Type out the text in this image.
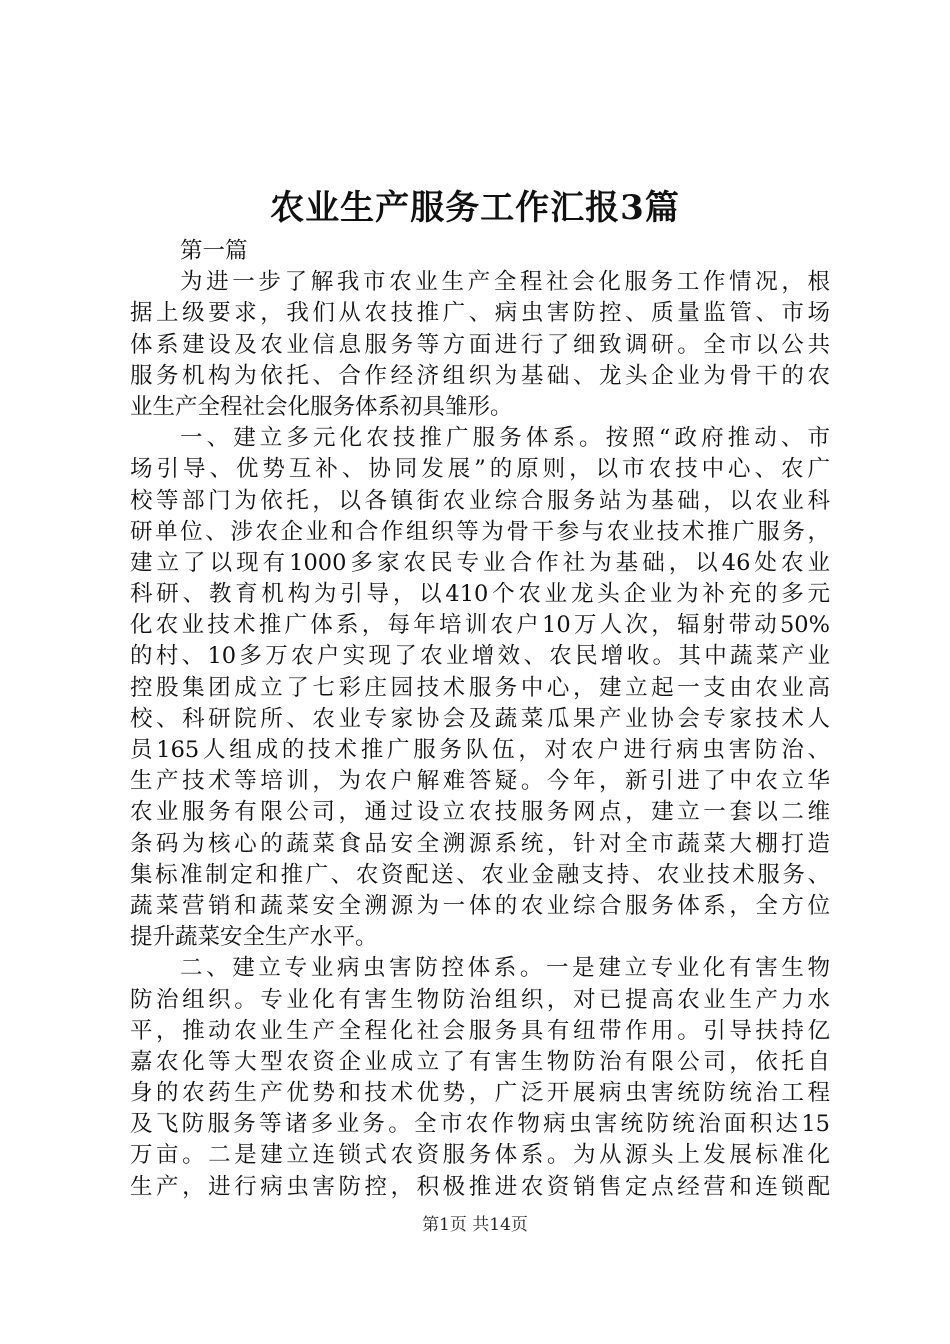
农业生产服务工作汇报3篇
第一篇
为进一步了解我市农业生产全程社会化服务工作情况，根
据上级要求，我们从农技推广、病虫害防控、质量监管、市场
体系建设及农业信息服务等方面进行了细致调研。全市以公共
服务机构为依托、合作经济组织为基础、龙头企业为骨干的农
业生产全程社会化服务体系初具雏形。
一、建立多元化农技推广服务体系。按照“政府推动、市
场引导、优势互补、协同发展”的原则，以市农技中心、农广
校等部门为依托，以各镇街农业综合服务站为基础，以农业科
研单位、涉农企业和合作组织等为骨干参与农业技术推广服务，
建立了以现有1000多家农民专业合作社为基础，以46处农业
科研、教育机构为引导，以410个农业龙头企业为补充的多元
化农业技术推广体系，每年培训农户10万人次，辐射带动50%
的村、10多万农户实现了农业增效、农民增收。其中蔬菜产业
控股集团成立了七彩庄园技术服务中心，建立起一支由农业高
校、科研院所、农业专家协会及蔬菜瓜果产业协会专家技术人
员165人组成的技术推广服务队伍，对农户进行病虫害防治、
生产技术等培训，为农户解难答疑。今年，新引进了中农立华
农业服务有限公司，通过设立农技服务网点，建立一套以二维
条码为核心的蔬菜食品安全溯源系统，针对全市蔬菜大棚打造
集标准制定和推广、农资配送、农业金融支持、农业技术服务、
蔬菜营销和蔬菜安全溯源为一体的农业综合服务体系，全方位
提升蔬菜安全生产水平。
二、建立专业病虫害防控体系。一是建立专业化有害生物
防治组织。专业化有害生物防治组织，对已提高农业生产力水
平，推动农业生产全程化社会服务具有纽带作用。引导扶持亿
嘉农化等大型农资企业成立了有害生物防治有限公司，依托自
身的农药生产优势和技术优势，广泛开展病虫害统防统治工程
及飞防服务等诸多业务。全市农作物病虫害统防统治面积达15
万亩。二是建立连锁式农资服务体系。为从源头上发展标准化
生产，进行病虫害防控，积极推进农资销售定点经营和连锁配
第1页 共14页
